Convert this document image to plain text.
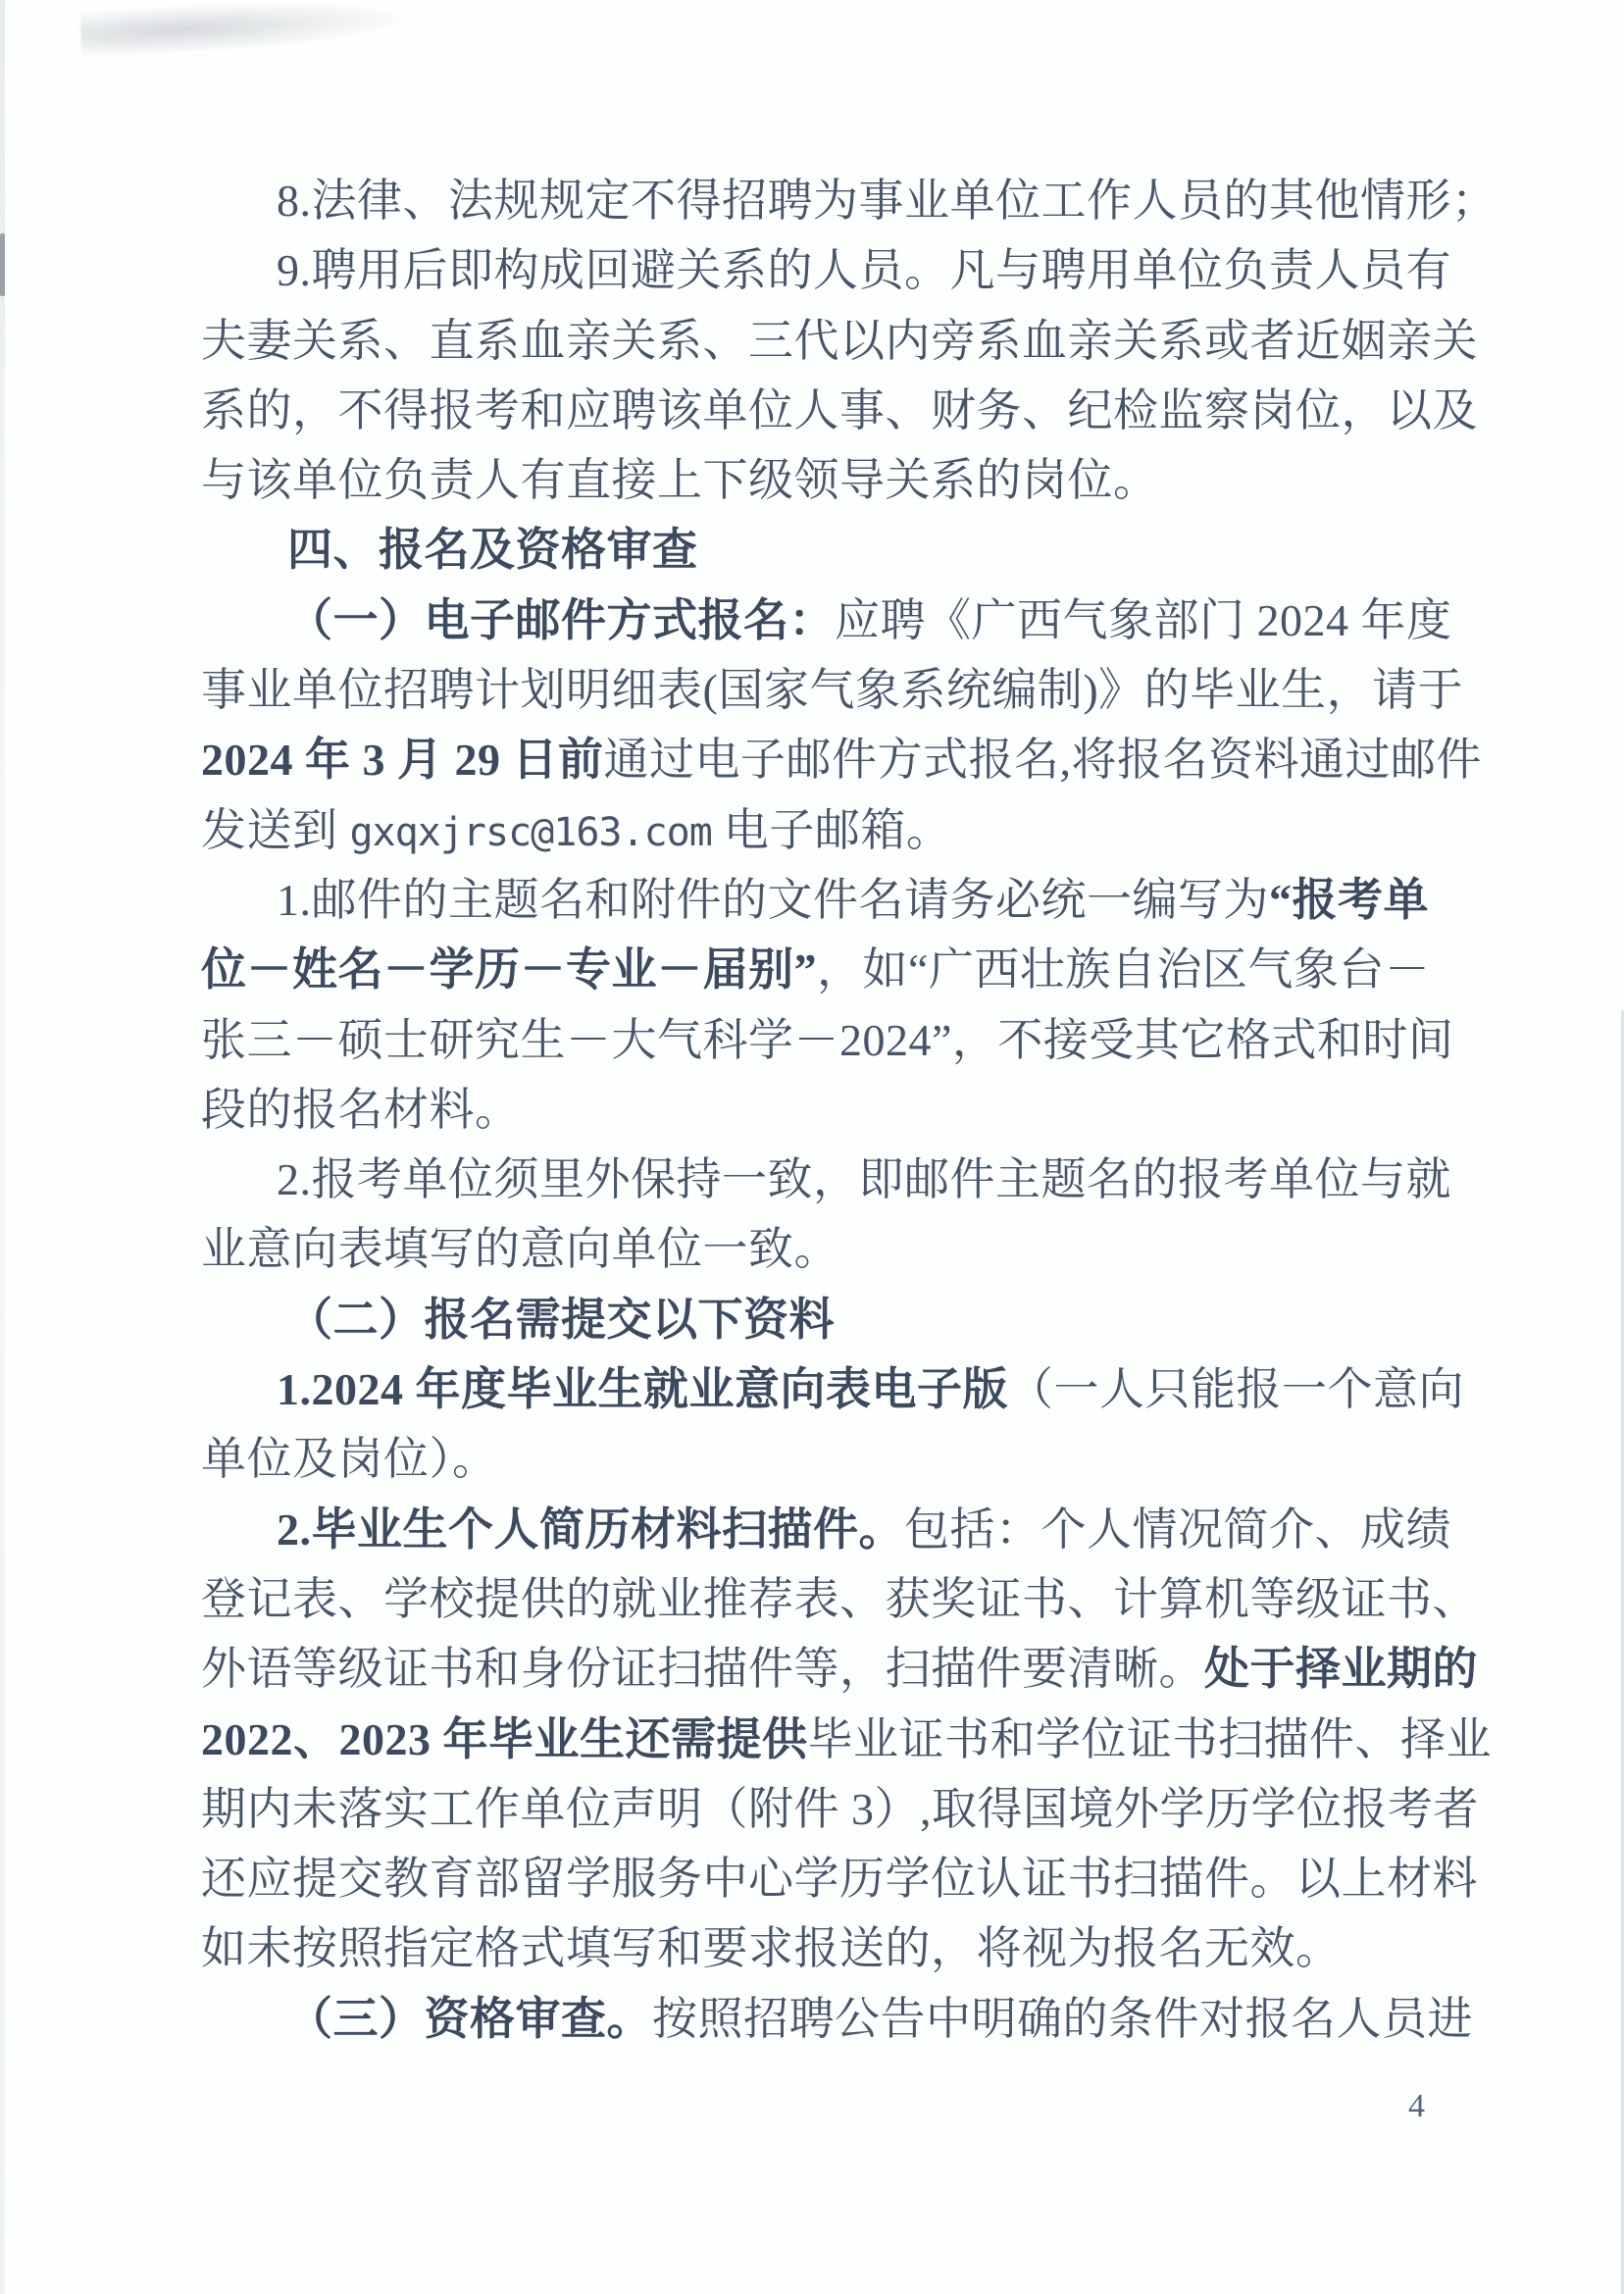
8.法律、法规规定不得招聘为事业单位工作人员的其他情形；
9.聘用后即构成回避关系的人员。凡与聘用单位负责人员有
夫妻关系、直系血亲关系、三代以内旁系血亲关系或者近姻亲关
系的，不得报考和应聘该单位人事、财务、纪检监察岗位，以及
与该单位负责人有直接上下级领导关系的岗位。
四、报名及资格审查
（一）电子邮件方式报名：应聘《广西气象部门 2024 年度
事业单位招聘计划明细表(国家气象系统编制)》的毕业生，请于
2024 年 3 月 29 日前通过电子邮件方式报名,将报名资料通过邮件
发送到 gxqxjrsc@163.com 电子邮箱。
1.邮件的主题名和附件的文件名请务必统一编写为“报考单
位－姓名－学历－专业－届别”，如“广西壮族自治区气象台－
张三－硕士研究生－大气科学－2024”，不接受其它格式和时间
段的报名材料。
2.报考单位须里外保持一致，即邮件主题名的报考单位与就
业意向表填写的意向单位一致。
（二）报名需提交以下资料
1.2024 年度毕业生就业意向表电子版（一人只能报一个意向
单位及岗位）。
2.毕业生个人简历材料扫描件。包括：个人情况简介、成绩
登记表、学校提供的就业推荐表、获奖证书、计算机等级证书、
外语等级证书和身份证扫描件等，扫描件要清晰。处于择业期的
2022、2023 年毕业生还需提供毕业证书和学位证书扫描件、择业
期内未落实工作单位声明（附件 3）,取得国境外学历学位报考者
还应提交教育部留学服务中心学历学位认证书扫描件。以上材料
如未按照指定格式填写和要求报送的，将视为报名无效。
（三）资格审查。按照招聘公告中明确的条件对报名人员进
4
